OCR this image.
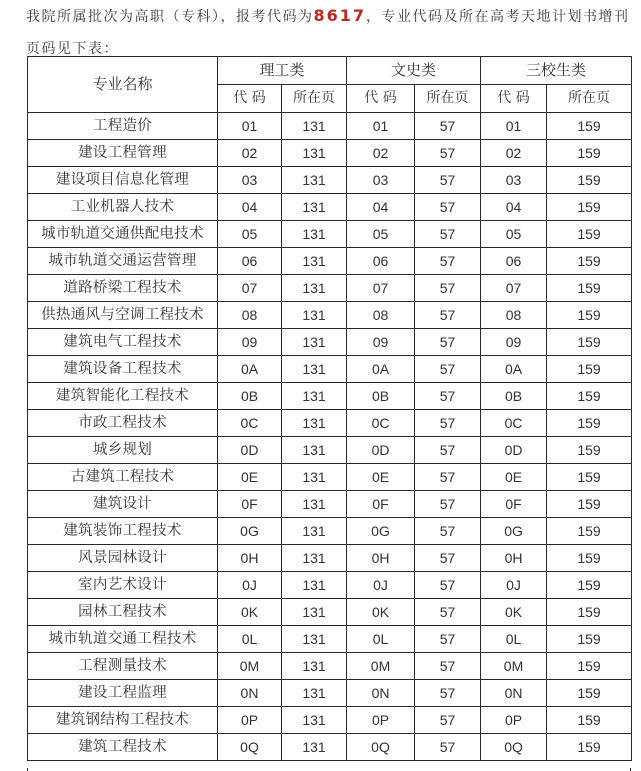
我院所属批次为高职（专科），报考代码为8617，专业代码及所在高考天地计划书增刊页码见下表：
专业名称	理工类		文史类		三校生类	
	代 码	所在页	代 码	所在页	代 码	所在页
工程造价	01	131	01	57	01	159
建设工程管理	02	131	02	57	02	159
建设项目信息化管理	03	131	03	57	03	159
工业机器人技术	04	131	04	57	04	159
城市轨道交通供配电技术	05	131	05	57	05	159
城市轨道交通运营管理	06	131	06	57	06	159
道路桥梁工程技术	07	131	07	57	07	159
供热通风与空调工程技术	08	131	08	57	08	159
建筑电气工程技术	09	131	09	57	09	159
建筑设备工程技术	0A	131	0A	57	0A	159
建筑智能化工程技术	0B	131	0B	57	0B	159
市政工程技术	0C	131	0C	57	0C	159
城乡规划	0D	131	0D	57	0D	159
古建筑工程技术	0E	131	0E	57	0E	159
建筑设计	0F	131	0F	57	0F	159
建筑装饰工程技术	0G	131	0G	57	0G	159
风景园林设计	0H	131	0H	57	0H	159
室内艺术设计	0J	131	0J	57	0J	159
园林工程技术	0K	131	0K	57	0K	159
城市轨道交通工程技术	0L	131	0L	57	0L	159
工程测量技术	0M	131	0M	57	0M	159
建设工程监理	0N	131	0N	57	0N	159
建筑钢结构工程技术	0P	131	0P	57	0P	159
建筑工程技术	0Q	131	0Q	57	0Q	159
